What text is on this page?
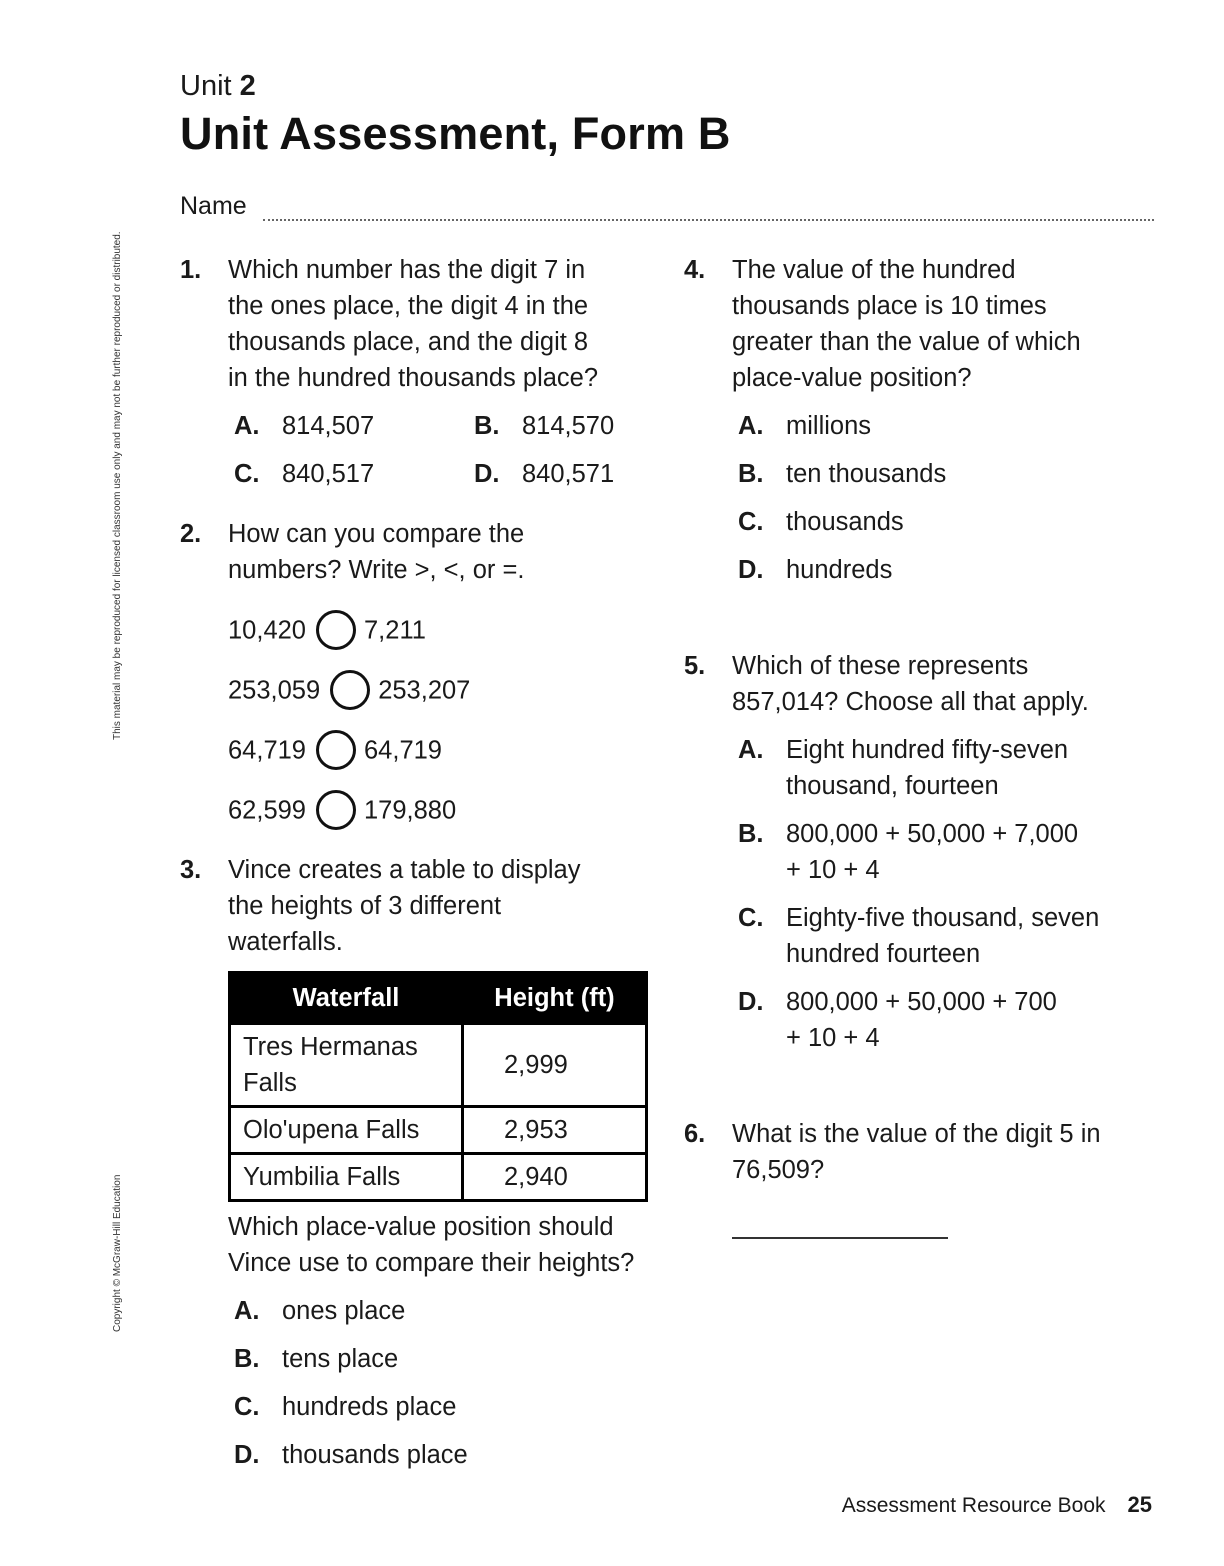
Unit 2
Unit Assessment, Form B
Name
This material may be reproduced for licensed classroom use only and may not be further reproduced or distributed.
Copyright © McGraw-Hill Education
1. Which number has the digit 7 in
the ones place, the digit 4 in the
thousands place, and the digit 8
in the hundred thousands place?
A. 814,507	B. 814,570
C. 840,517	D. 840,571
2. How can you compare the
numbers? Write >, <, or =.
10,420 7,211
253,059 253,207
64,719 64,719
62,599 179,880
3. Vince creates a table to display
the heights of 3 different
waterfalls.
Waterfall	Height (ft)

Tres Hermanas
Falls	2,999
Olo'upena Falls	2,953
Yumbilia Falls	2,940
Which place-value position should
Vince use to compare their heights?
A. ones place
B. tens place
C. hundreds place
D. thousands place
4. The value of the hundred
thousands place is 10 times
greater than the value of which
place-value position?
A. millions
B. ten thousands
C. thousands
D. hundreds
5. Which of these represents
857,014? Choose all that apply.
A. Eight hundred fifty-seven
thousand, fourteen
B. 800,000 + 50,000 + 7,000
+ 10 + 4
C. Eighty-five thousand, seven
hundred fourteen
D. 800,000 + 50,000 + 700
+ 10 + 4
6. What is the value of the digit 5 in
76,509?
Assessment Resource Book 25
